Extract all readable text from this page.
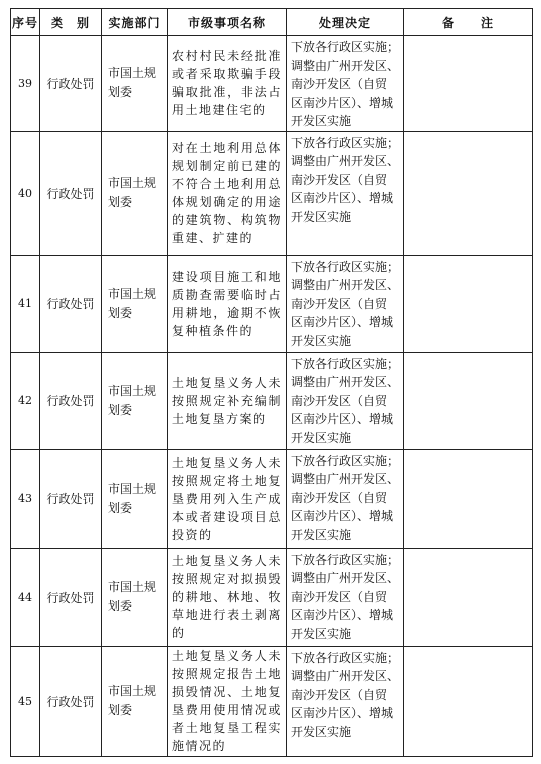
序号	类　别	实施部门	市级事项名称	处理决定	备　　注
39	行政处罚	市国土规划委	农村村民未经批准或者采取欺骗手段骗取批准，非法占用土地建住宅的	下放各行政区实施；
调整由广州开发区、
南沙开发区（自贸
区南沙片区）、增城
开发区实施	

40	行政处罚	市国土规划委	对在土地利用总体规划制定前已建的不符合土地利用总体规划确定的用途的建筑物、构筑物重建、扩建的	下放各行政区实施；
调整由广州开发区、
南沙开发区（自贸
区南沙片区）、增城
开发区实施	

41	行政处罚	市国土规划委	建设项目施工和地质勘查需要临时占用耕地，逾期不恢复种植条件的	下放各行政区实施；
调整由广州开发区、
南沙开发区（自贸
区南沙片区）、增城
开发区实施	

42	行政处罚	市国土规划委	土地复垦义务人未按照规定补充编制土地复垦方案的	下放各行政区实施；
调整由广州开发区、
南沙开发区（自贸
区南沙片区）、增城
开发区实施	

43	行政处罚	市国土规划委	土地复垦义务人未按照规定将土地复垦费用列入生产成本或者建设项目总投资的	下放各行政区实施；
调整由广州开发区、
南沙开发区（自贸
区南沙片区）、增城
开发区实施	

44	行政处罚	市国土规划委	土地复垦义务人未按照规定对拟损毁的耕地、林地、牧草地进行表土剥离的	下放各行政区实施；
调整由广州开发区、
南沙开发区（自贸
区南沙片区）、增城
开发区实施	

45	行政处罚	市国土规划委	土地复垦义务人未按照规定报告土地损毁情况、土地复垦费用使用情况或者土地复垦工程实施情况的	下放各行政区实施；
调整由广州开发区、
南沙开发区（自贸
区南沙片区）、增城
开发区实施	
